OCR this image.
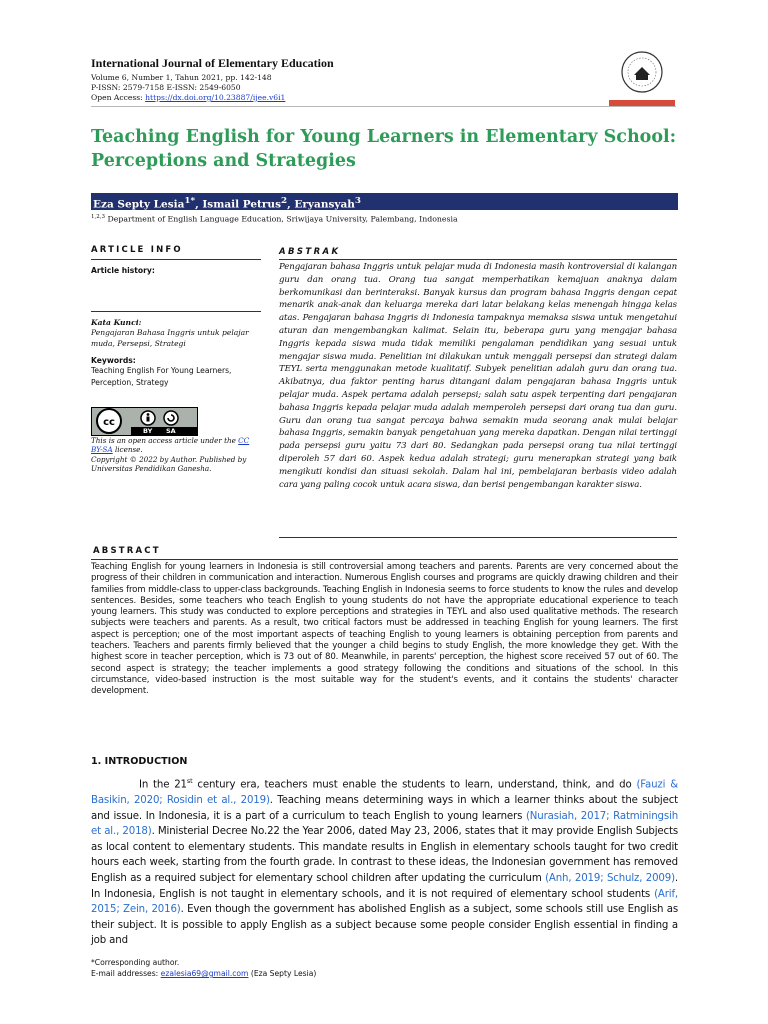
International Journal of Elementary Education
Volume 6, Number 1, Tahun 2021, pp. 142-148
P-ISSN: 2579-7158 E-ISSN: 2549-6050
Open Access: https://dx.doi.org/10.23887/ijee.v6i1
Teaching English for Young Learners in Elementary School: Perceptions and Strategies
Eza Septy Lesia$^{1*}$, Ismail Petrus$^2$, Eryansyah$^3$
$^{1,2,3}$ Department of English Language Education, Sriwijaya University, Palembang, Indonesia
ARTICLE INFO
Article history:
Kata Kunci:
Pengajaran Bahasa Inggris untuk pelajar muda, Persepsi, Strategi
Keywords:
Teaching English For Young Learners, Perception, Strategy
cc
BY SA
This is an open access article under the CC BY-SA license.
Copyright © 2022 by Author. Published by Universitas Pendidikan Ganesha.
ABSTRAK
Pengajaran bahasa Inggris untuk pelajar muda di Indonesia masih kontroversial di kalangan guru dan orang tua. Orang tua sangat memperhatikan kemajuan anaknya dalam berkomunikasi dan berinteraksi. Banyak kursus dan program bahasa Inggris dengan cepat menarik anak-anak dan keluarga mereka dari latar belakang kelas menengah hingga kelas atas. Pengajaran bahasa Inggris di Indonesia tampaknya memaksa siswa untuk mengetahui aturan dan mengembangkan kalimat. Selain itu, beberapa guru yang mengajar bahasa Inggris kepada siswa muda tidak memiliki pengalaman pendidikan yang sesuai untuk mengajar siswa muda. Penelitian ini dilakukan untuk menggali persepsi dan strategi dalam TEYL serta menggunakan metode kualitatif. Subyek penelitian adalah guru dan orang tua. Akibatnya, dua faktor penting harus ditangani dalam pengajaran bahasa Inggris untuk pelajar muda. Aspek pertama adalah persepsi; salah satu aspek terpenting dari pengajaran bahasa Inggris kepada pelajar muda adalah memperoleh persepsi dari orang tua dan guru. Guru dan orang tua sangat percaya bahwa semakin muda seorang anak mulai belajar bahasa Inggris, semakin banyak pengetahuan yang mereka dapatkan. Dengan nilai tertinggi pada persepsi guru yaitu 73 dari 80. Sedangkan pada persepsi orang tua nilai tertinggi diperoleh 57 dari 60. Aspek kedua adalah strategi; guru menerapkan strategi yang baik mengikuti kondisi dan situasi sekolah. Dalam hal ini, pembelajaran berbasis video adalah cara yang paling cocok untuk acara siswa, dan berisi pengembangan karakter siswa.
ABSTRACT
Teaching English for young learners in Indonesia is still controversial among teachers and parents. Parents are very concerned about the progress of their children in communication and interaction. Numerous English courses and programs are quickly drawing children and their families from middle-class to upper-class backgrounds. Teaching English in Indonesia seems to force students to know the rules and develop sentences. Besides, some teachers who teach English to young students do not have the appropriate educational experience to teach young learners. This study was conducted to explore perceptions and strategies in TEYL and also used qualitative methods. The research subjects were teachers and parents. As a result, two critical factors must be addressed in teaching English for young learners. The first aspect is perception; one of the most important aspects of teaching English to young learners is obtaining perception from parents and teachers. Teachers and parents firmly believed that the younger a child begins to study English, the more knowledge they get. With the highest score in teacher perception, which is 73 out of 80. Meanwhile, in parents' perception, the highest score received 57 out of 60. The second aspect is strategy; the teacher implements a good strategy following the conditions and situations of the school. In this circumstance, video-based instruction is the most suitable way for the student's events, and it contains the students' character development.
1. INTRODUCTION
In the 21st century era, teachers must enable the students to learn, understand, think, and do (Fauzi & Basikin, 2020; Rosidin et al., 2019). Teaching means determining ways in which a learner thinks about the subject and issue. In Indonesia, it is a part of a curriculum to teach English to young learners (Nurasiah, 2017; Ratminingsih et al., 2018). Ministerial Decree No.22 the Year 2006, dated May 23, 2006, states that it may provide English Subjects as local content to elementary students. This mandate results in English in elementary schools taught for two credit hours each week, starting from the fourth grade. In contrast to these ideas, the Indonesian government has removed English as a required subject for elementary school children after updating the curriculum (Anh, 2019; Schulz, 2009). In Indonesia, English is not taught in elementary schools, and it is not required of elementary school students (Arif, 2015; Zein, 2016). Even though the government has abolished English as a subject, some schools still use English as their subject. It is possible to apply English as a subject because some people consider English essential in finding a job and
*Corresponding author.
E-mail addresses: ezalesia69@gmail.com (Eza Septy Lesia)
